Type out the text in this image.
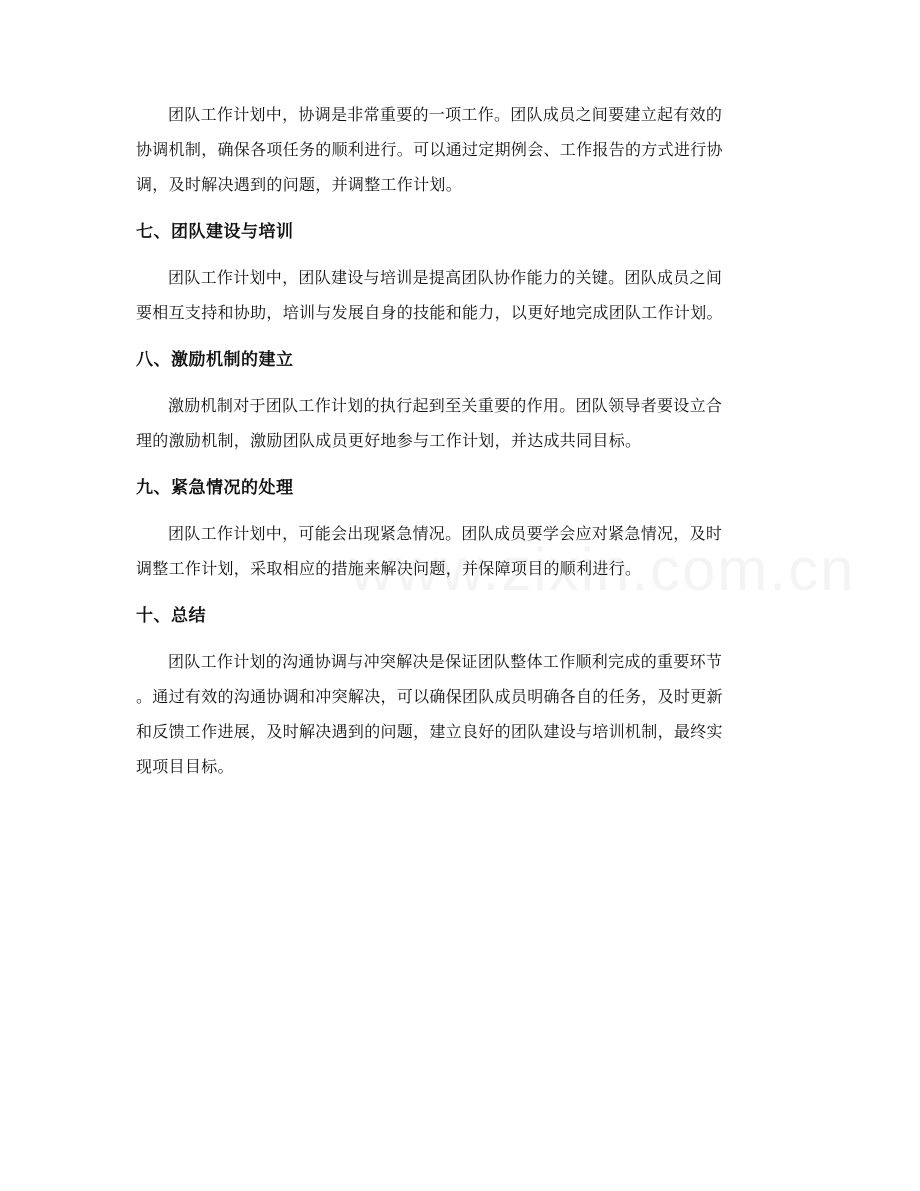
团队工作计划中，协调是非常重要的一项工作。团队成员之间要建立起有效的

协调机制，确保各项任务的顺利进行。可以通过定期例会、工作报告的方式进行协

调，及时解决遇到的问题，并调整工作计划。

七、团队建设与培训

团队工作计划中，团队建设与培训是提高团队协作能力的关键。团队成员之间

要相互支持和协助，培训与发展自身的技能和能力，以更好地完成团队工作计划。

八、激励机制的建立

激励机制对于团队工作计划的执行起到至关重要的作用。团队领导者要设立合

理的激励机制，激励团队成员更好地参与工作计划，并达成共同目标。

九、紧急情况的处理

团队工作计划中，可能会出现紧急情况。团队成员要学会应对紧急情况，及时

调整工作计划，采取相应的措施来解决问题，并保障项目的顺利进行。

十、总结

团队工作计划的沟通协调与冲突解决是保证团队整体工作顺利完成的重要环节

。通过有效的沟通协调和冲突解决，可以确保团队成员明确各自的任务，及时更新

和反馈工作进展，及时解决遇到的问题，建立良好的团队建设与培训机制，最终实

现项目目标。
